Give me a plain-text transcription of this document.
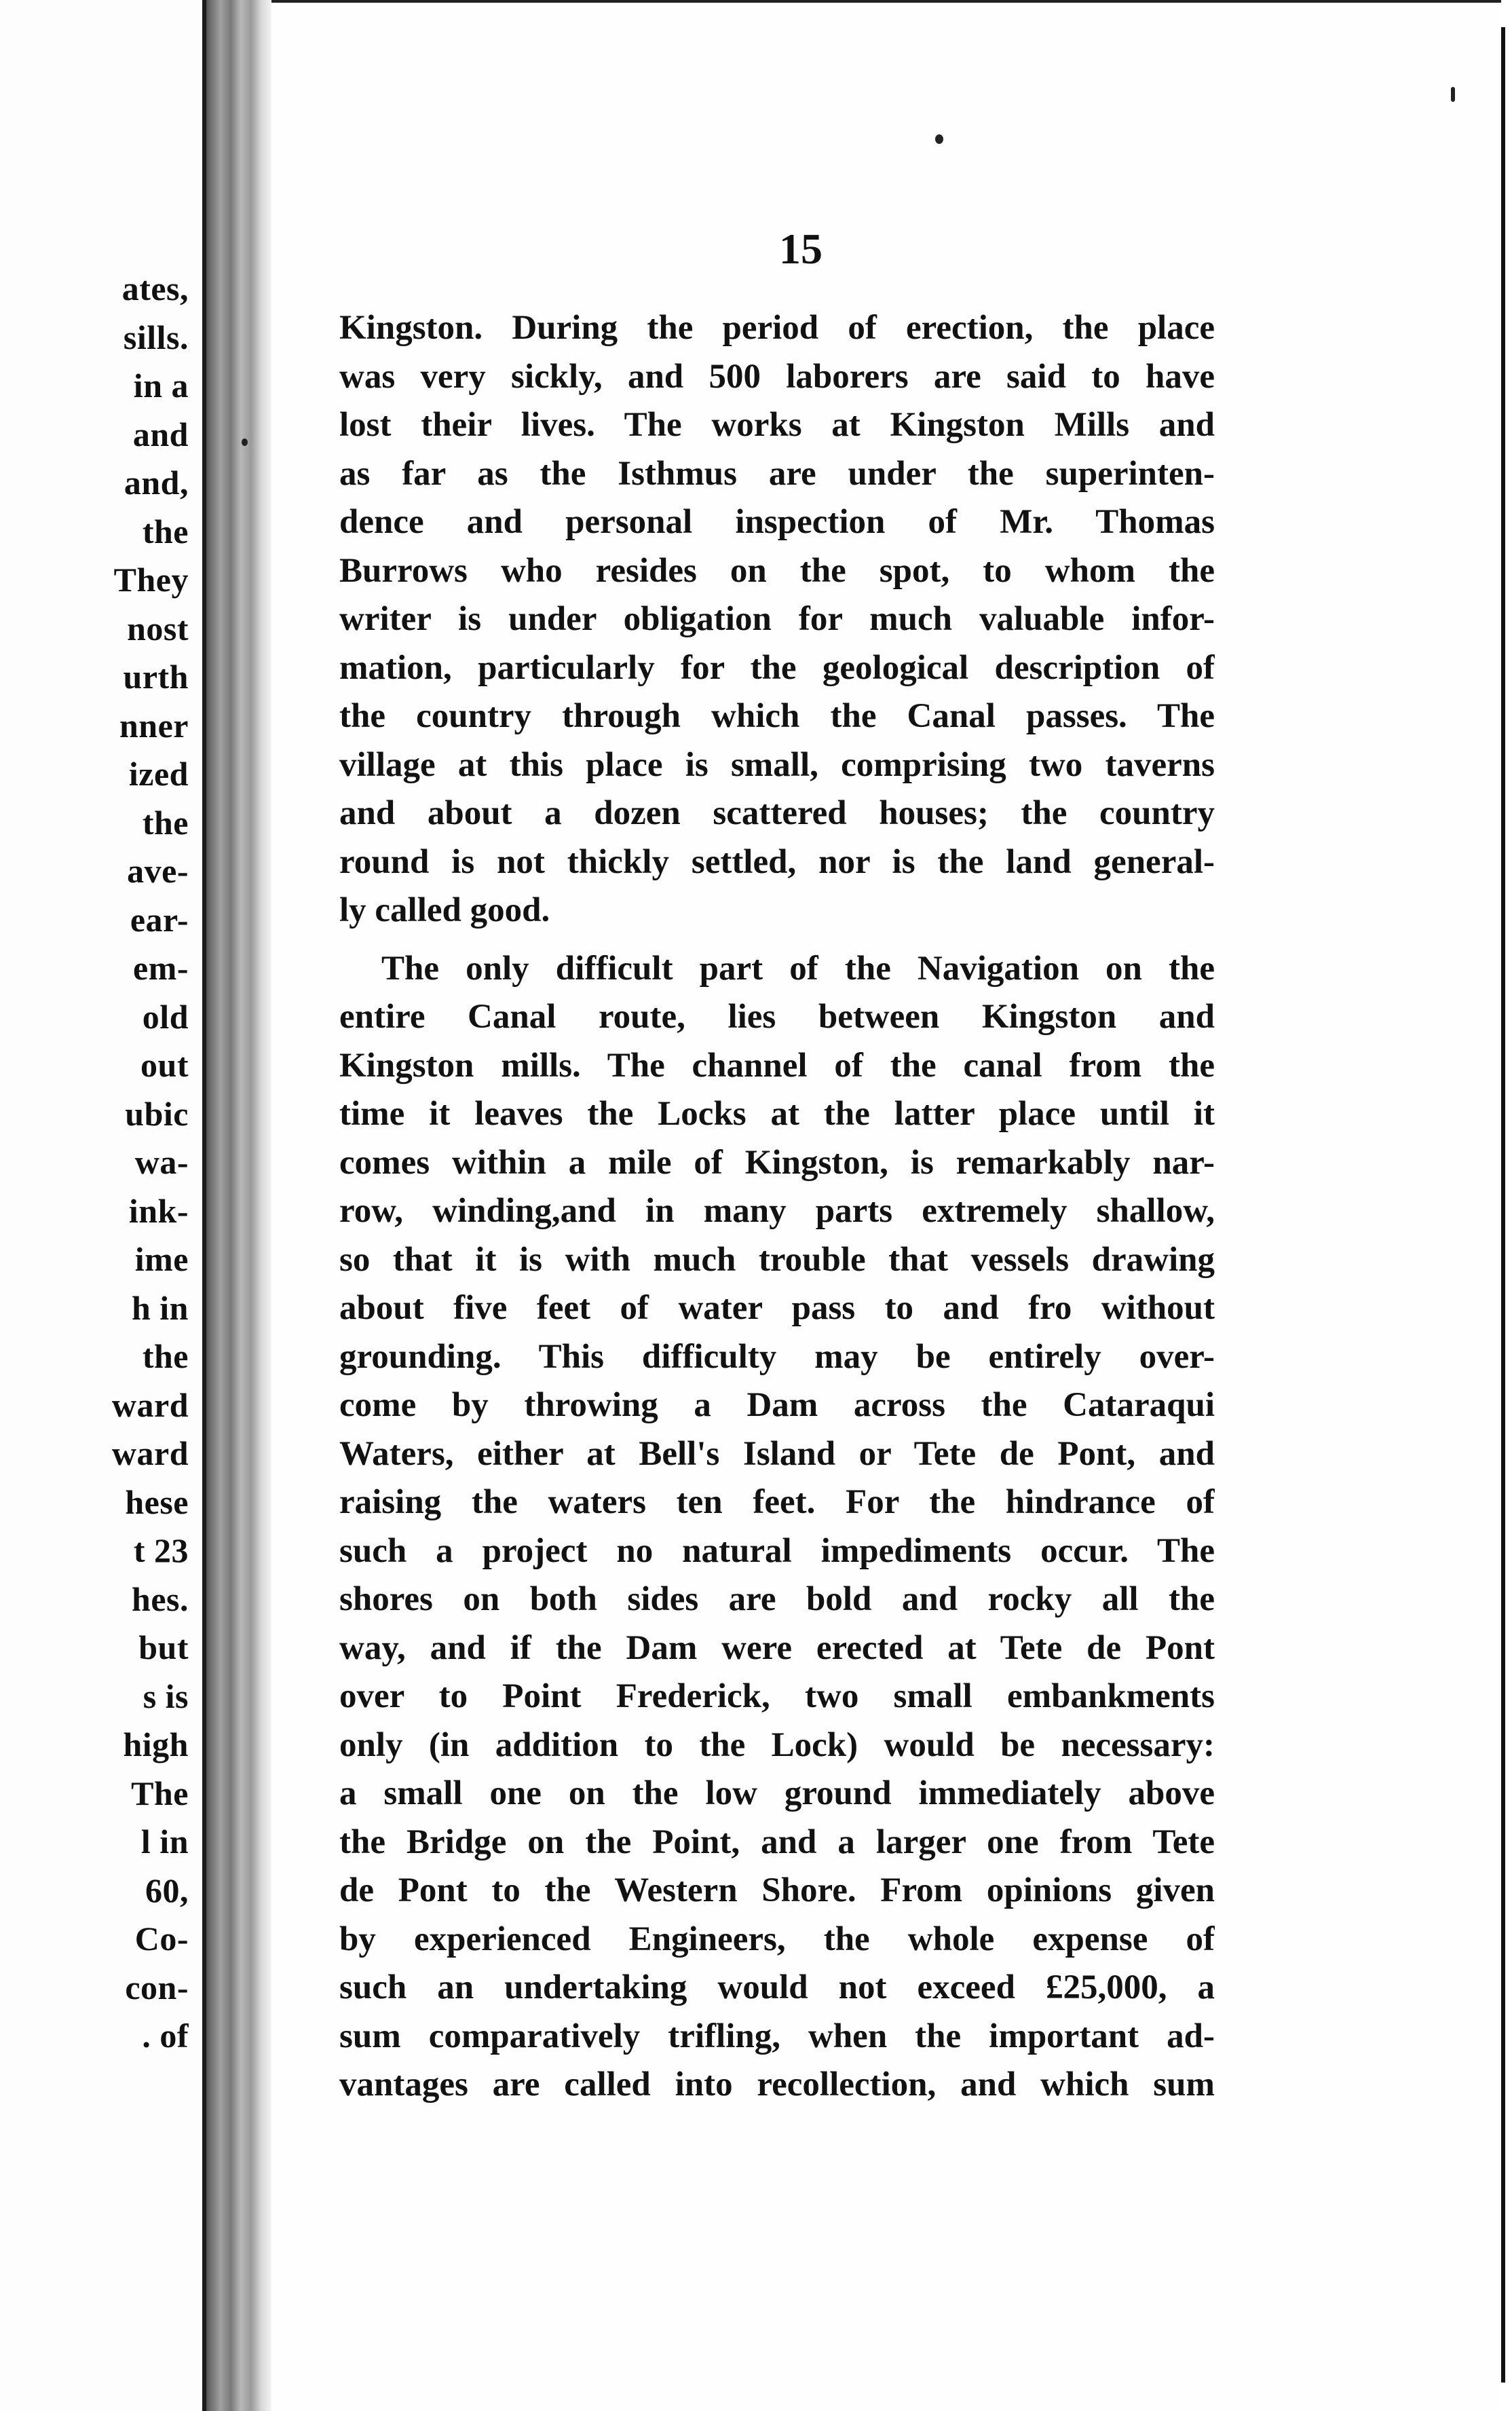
ates,
sills.
in a
and
and,
the
They
nost
urth
nner
ized
the
ave-
ear-
em-
old
out
ubic
wa-
ink-
ime
h in
the
ward
ward
hese
t 23
hes.
but
s is
high
The
l in
60,
Co-
con-
. of

15

Kingston. During the period of erection, the place
was very sickly, and 500 laborers are said to have
lost their lives. The works at Kingston Mills and
as far as the Isthmus are under the superinten-
dence and personal inspection of Mr. Thomas
Burrows who resides on the spot, to whom the
writer is under obligation for much valuable infor-
mation, particularly for the geological description of
the country through which the Canal passes. The
village at this place is small, comprising two taverns
and about a dozen scattered houses; the country
round is not thickly settled, nor is the land general-
ly called good.
The only difficult part of the Navigation on the
entire Canal route, lies between Kingston and
Kingston mills. The channel of the canal from the
time it leaves the Locks at the latter place until it
comes within a mile of Kingston, is remarkably nar-
row, winding,and in many parts extremely shallow,
so that it is with much trouble that vessels drawing
about five feet of water pass to and fro without
grounding. This difficulty may be entirely over-
come by throwing a Dam across the Cataraqui
Waters, either at Bell's Island or Tete de Pont, and
raising the waters ten feet. For the hindrance of
such a project no natural impediments occur. The
shores on both sides are bold and rocky all the
way, and if the Dam were erected at Tete de Pont
over to Point Frederick, two small embankments
only (in addition to the Lock) would be necessary:
a small one on the low ground immediately above
the Bridge on the Point, and a larger one from Tete
de Pont to the Western Shore. From opinions given
by experienced Engineers, the whole expense of
such an undertaking would not exceed £25,000, a
sum comparatively trifling, when the important ad-
vantages are called into recollection, and which sum
